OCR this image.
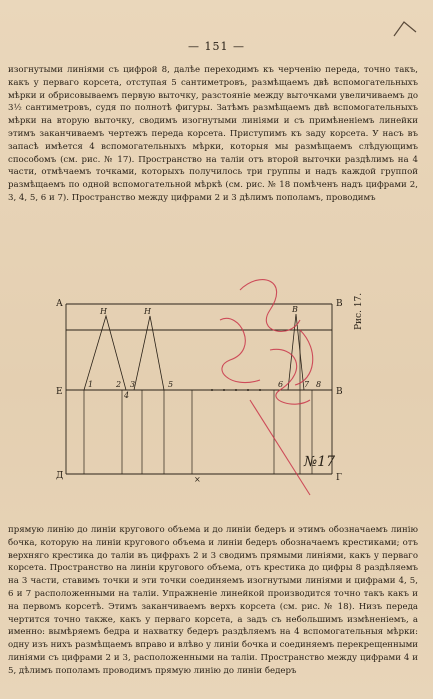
— 151 —

изогнутыми линіями съ цифрой 8, далѣе переходимъ къ черченію переда, точно такъ, какъ у перваго корсета, отступая 5 сантиметровъ, размѣщаемъ двѣ вспомогательныхъ мѣрки и обрисовываемъ первую выточку, разстояніе между выточками увеличиваемъ до 3½ сантиметровъ, судя по полнотѣ фигуры. Затѣмъ размѣщаемъ двѣ вспомогательныхъ мѣрки на вторую выточку, сводимъ изогнутыми линіями и съ примѣненіемъ линейки этимъ заканчиваемъ чертежъ переда корсета. Приступимъ къ заду корсета. У насъ въ запасѣ имѣется 4 вспомогательныхъ мѣрки, которыя мы размѣщаемъ слѣдующимъ способомъ (см. рис. № 17). Пространство на таліи отъ второй выточки раздѣлимъ на 4 части, отмѣчаемъ точками, которыхъ получилось три группы и надъ каждой группой размѣщаемъ по одной вспомогательной мѣркѣ (см. рис. № 18 помѣченъ надъ цифрами 2, 3, 4, 5, 6 и 7). Пространство между цифрами 2 и 3 дѣлимъ пополамъ, проводимъ

А	В
Е	В
Д	Г
Н	Н	В
1	2 3
4
5	6	7 8
×
№17
Рис. 17.

прямую линію до линіи кругового объема и до линіи бедеръ и этимъ обозначаемъ линію бочка, которую на линіи кругового объема и линіи бедеръ обозначаемъ крестиками; отъ верхняго крестика до таліи въ цифрахъ 2 и 3 сводимъ прямыми линіями, какъ у перваго корсета. Пространство на линіи кругового объема, отъ крестика до цифры 8 раздѣляемъ на 3 части, ставимъ точки и эти точки соединяемъ изогнутыми линіями и цифрами 4, 5, 6 и 7 расположенными на таліи. Упражненіе линейкой производится точно такъ какъ и на первомъ корсетѣ. Этимъ заканчиваемъ верхъ корсета (см. рис. № 18). Низъ переда чертится точно также, какъ у перваго корсета, а задъ съ небольшимъ измѣненіемъ, а именно: вымѣряемъ бедра и нахватку бедеръ раздѣляемъ на 4 вспомогательныя мѣрки: одну изъ нихъ размѣщаемъ вправо и влѣво у линіи бочка и соединяемъ перекрещенными линіями съ цифрами 2 и 3, расположенными на таліи. Пространство между цифрами 4 и 5, дѣлимъ пополамъ проводимъ прямую линію до линіи бедеръ
